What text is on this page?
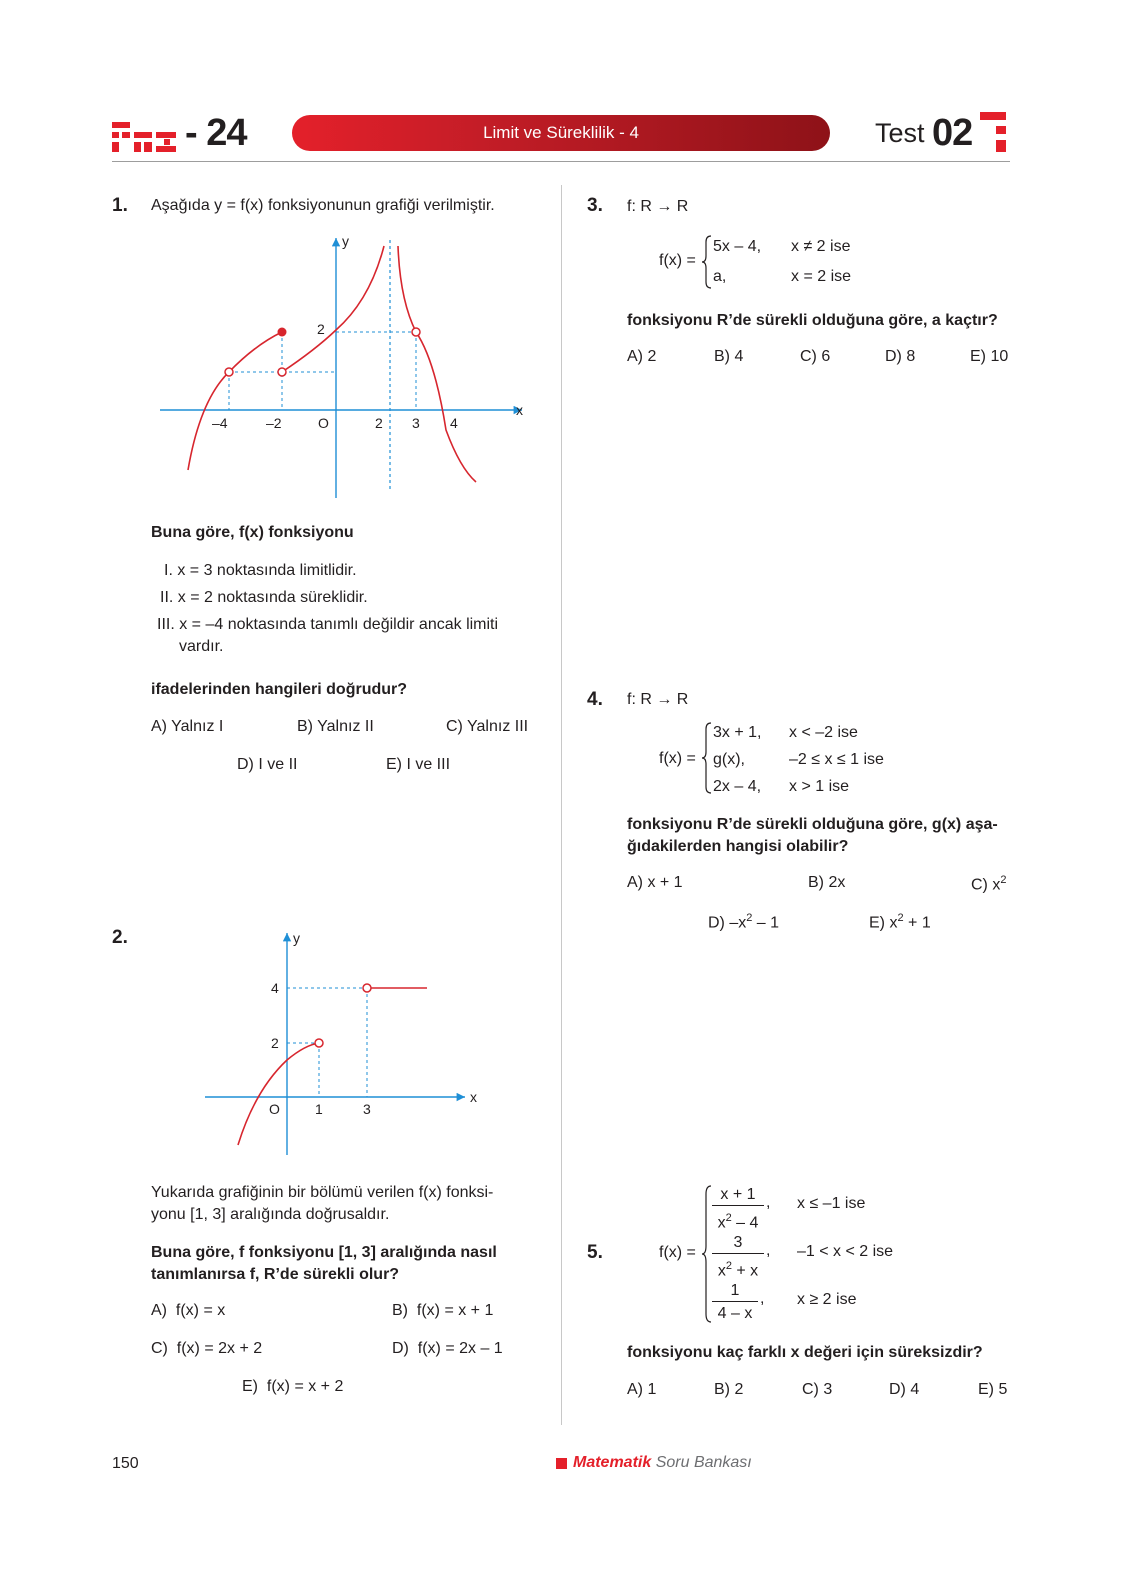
- 24	Limit ve Süreklilik - 4	Test 02
1. Aşağıda y = f(x) fonksiyonunun grafiği verilmiştir.
x
y
O
–4	–2	2 3 4
2
Buna göre, f(x) fonksiyonu
I. x = 3 noktasında limitlidir.
II. x = 2 noktasında süreklidir.
III. x = –4 noktasında tanımlı değildir ancak limiti
vardır.
ifadelerinden hangileri doğrudur?
A) Yalnız I	B) Yalnız II	C) Yalnız III
D) I ve II	E) I ve III
2.
x
y
O	1	3
4
2
Yukarıda grafiğinin bir bölümü verilen f(x) fonksi-
yonu [1, 3] aralığında doğrusaldır.
Buna göre, f fonksiyonu [1, 3] aralığında nasıl
tanımlanırsa f, R’de sürekli olur?
A)  f(x) = x	B)  f(x) = x + 1
C)  f(x) = 2x + 2	D)  f(x) = 2x – 1
E)  f(x) = x + 2
3. f: R → R
f(x) =
5x – 4, x ≠ 2 ise
a,	x = 2 ise
fonksiyonu R’de sürekli olduğuna göre, a kaçtır?
A) 2	B) 4	C) 6	D) 8	E) 10
4. f: R → R
f(x) =
3x + 1, x < –2 ise
g(x),	–2 ≤ x ≤ 1 ise
2x – 4, x > 1 ise
fonksiyonu R’de sürekli olduğuna göre, g(x) aşa-
ğıdakilerden hangisi olabilir?
A) x + 1	B) 2x	C) $x^2$
D) $-x^2 - 1$	E) $x^2 + 1$
5.	f(x) =
x + 1
$x^2 - 4$
, x ≤ –1 ise
3
$x^2 + x$
, –1 < x < 2 ise
1
4 – x
, x ≥ 2 ise
fonksiyonu kaç farklı x değeri için süreksizdir?
A) 1	B) 2	C) 3	D) 4	E) 5
150	Matematik Soru Bankası
